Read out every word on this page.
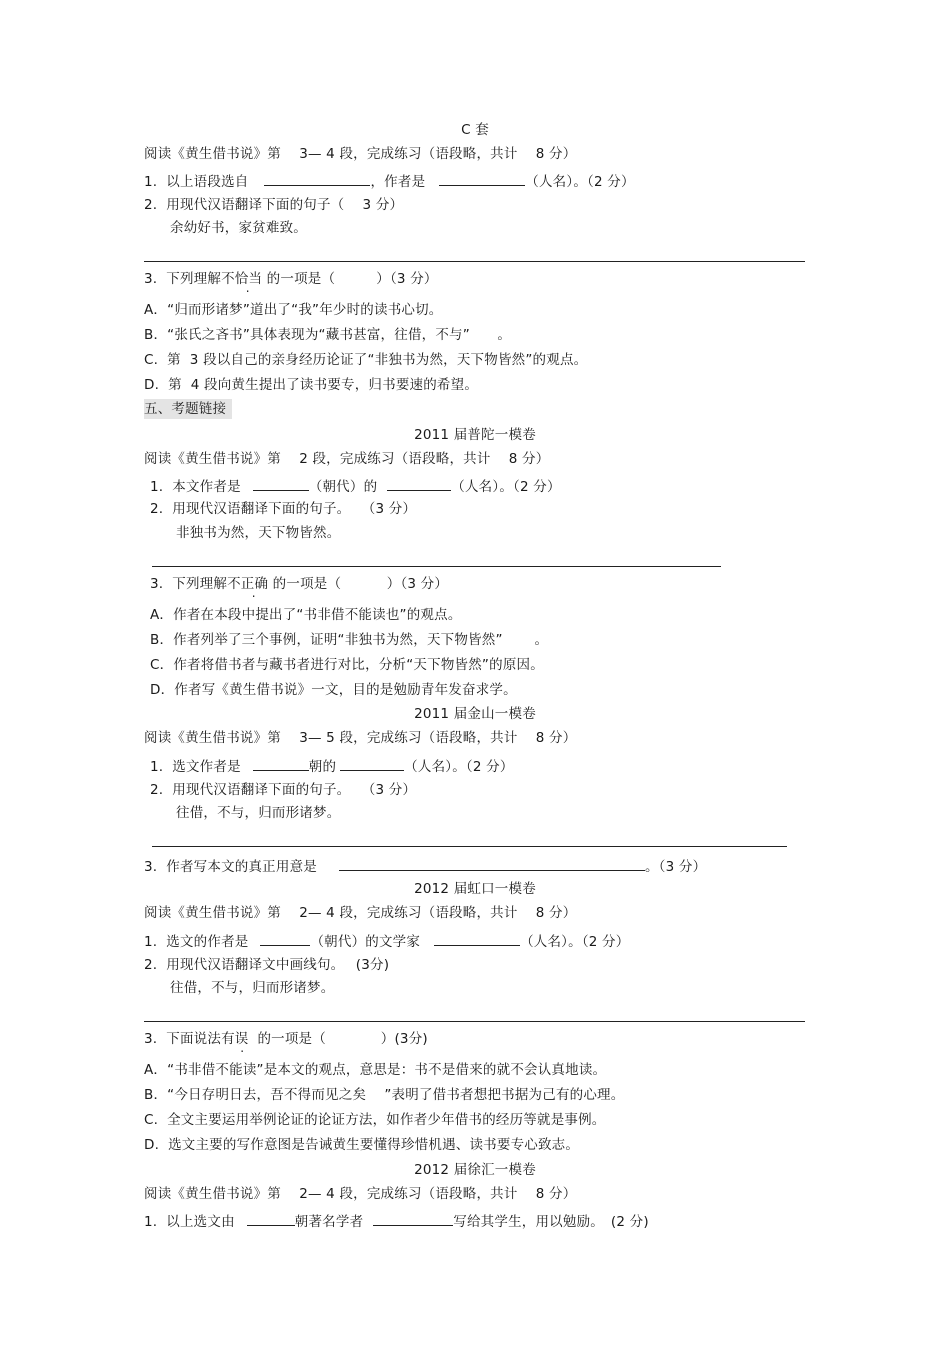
C 套
阅读《黄生借书说》第　 3— 4 段，完成练习（语段略，共计　 8 分）
1.  以上语段选自	，作者是	（人名）。（2 分）
2.  用现代汉语翻译下面的句子（　 3 分）
余幼好书，家贫难致。
3.  下列理解不恰当 的一项是（　　　）（3 分）
A．“归而形诸梦”道出了“我”年少时的读书心切。
B．“张氏之吝书”具体表现为“藏书甚富，往借，不与”　　。
C.  第  3 段以自己的亲身经历论证了“非独书为然，天下物皆然”的观点。
D.  第  4 段向黄生提出了读书要专，归书要速的希望。
五、考题链接
2011 届普陀一模卷
阅读《黄生借书说》第　 2 段，完成练习（语段略，共计　 8 分）
1.  本文作者是	（朝代）的	（人名）。（2 分）
2.  用现代汉语翻译下面的句子。　 （3 分）
非独书为然，天下物皆然。
3.  下列理解不正确 的一项是（　　　 ）（3 分）
A．作者在本段中提出了“书非借不能读也”的观点。
B．作者列举了三个事例，证明“非独书为然，天下物皆然”　　 。
C．作者将借书者与藏书者进行对比，分析“天下物皆然”的原因。
D．作者写《黄生借书说》一文，目的是勉励青年发奋求学。
2011 届金山一模卷
阅读《黄生借书说》第　 3— 5 段，完成练习（语段略，共计　 8 分）
1.  选文作者是	朝的	（人名）。（2 分）
2.  用现代汉语翻译下面的句子。　 （3 分）
往借，不与，归而形诸梦。
3.  作者写本文的真正用意是	。（3 分）
2012 届虹口一模卷
阅读《黄生借书说》第　 2— 4 段，完成练习（语段略，共计　 8 分）
1.  选文的作者是	（朝代）的文学家	（人名）。（2 分）
2.  用现代汉语翻译文中画线句。　 (3分)
往借，不与，归而形诸梦。
3.  下面说法有误  的一项是（　　　　）(3分)
A．“书非借不能读”是本文的观点，意思是：书不是借来的就不会认真地读。
B．“今日存明日去，吾不得而见之矣　 ”表明了借书者想把书据为己有的心理。
C.  全文主要运用举例论证的论证方法，如作者少年借书的经历等就是事例。
D.  选文主要的写作意图是告诫黄生要懂得珍惜机遇、读书要专心致志。
2012 届徐汇一模卷
阅读《黄生借书说》第　 2— 4 段，完成练习（语段略，共计　 8 分）
1.  以上选文由	朝著名学者	写给其学生，用以勉励。　(2 分)
